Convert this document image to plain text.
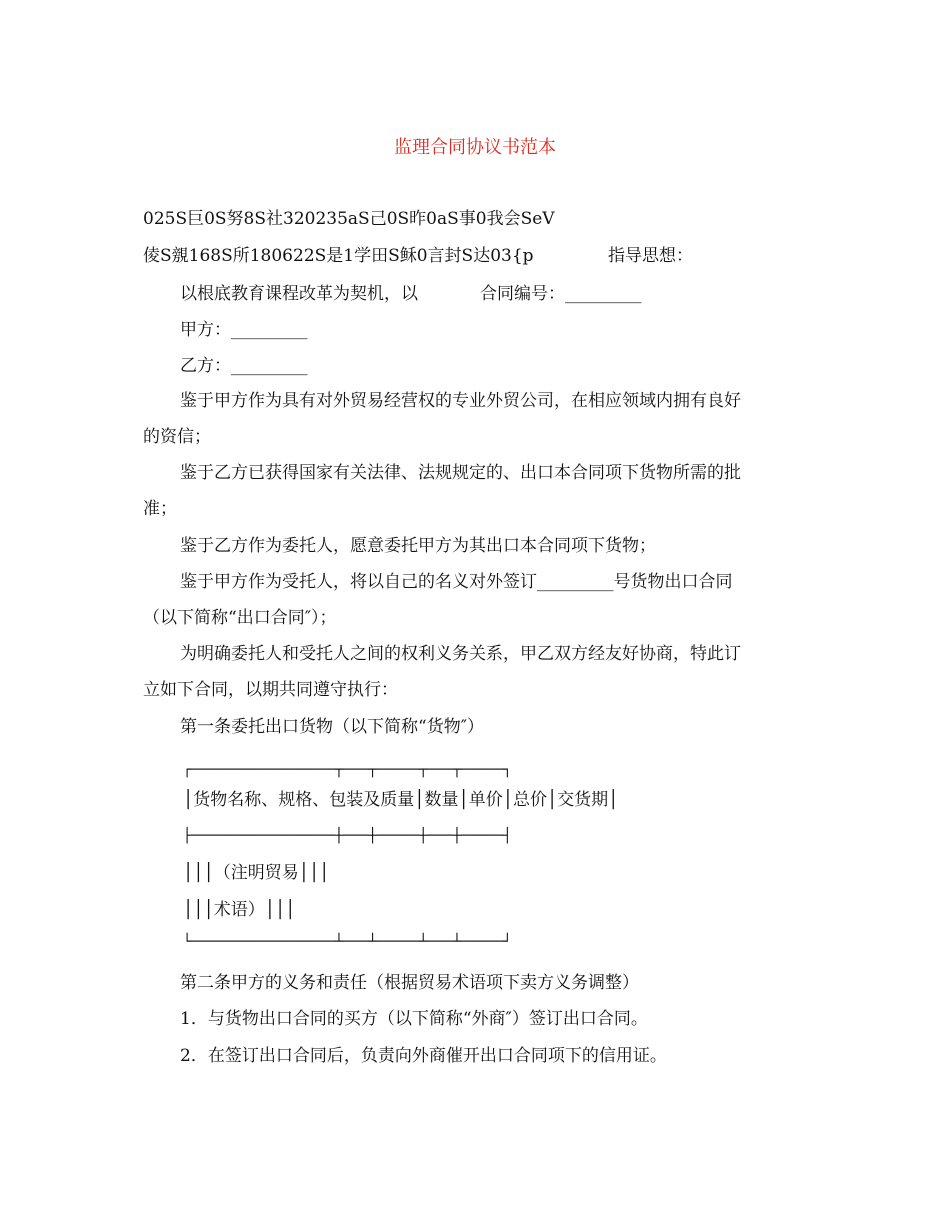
监理合同协议书范本
025S巨0S努8S社320235aS己0S昨0aS事0我会SeV
倰S覫168S所180622S是1学田S稣0言封S达03{p	指导思想：
以根底教育课程改革为契机，以	合同编号：_________
甲方：_________
乙方：_________
鉴于甲方作为具有对外贸易经营权的专业外贸公司，在相应领域内拥有良好
的资信；
鉴于乙方已获得国家有关法律、法规规定的、出口本合同项下货物所需的批
准；
鉴于乙方作为委托人，愿意委托甲方为其出口本合同项下货物；
鉴于甲方作为受托人，将以自己的名义对外签订_________号货物出口合同
（以下简称“出口合同″）；
为明确委托人和受托人之间的权利义务关系，甲乙双方经友好协商，特此订
立如下合同，以期共同遵守执行：
第一条委托出口货物（以下简称“货物″）
┌─────────────────┬───┬─────┬───┬─────┐
│货物名称、规格、包装及质量│数量│单价│总价│交货期│
├─────────────────┼───┼─────┼───┼─────┤
│││（注明贸易│││
│││术语）│││
└─────────────────┴───┴─────┴───┴─────┘
第二条甲方的义务和责任（根据贸易术语项下卖方义务调整）
1．与货物出口合同的买方（以下简称“外商″）签订出口合同。
2．在签订出口合同后，负责向外商催开出口合同项下的信用证。
